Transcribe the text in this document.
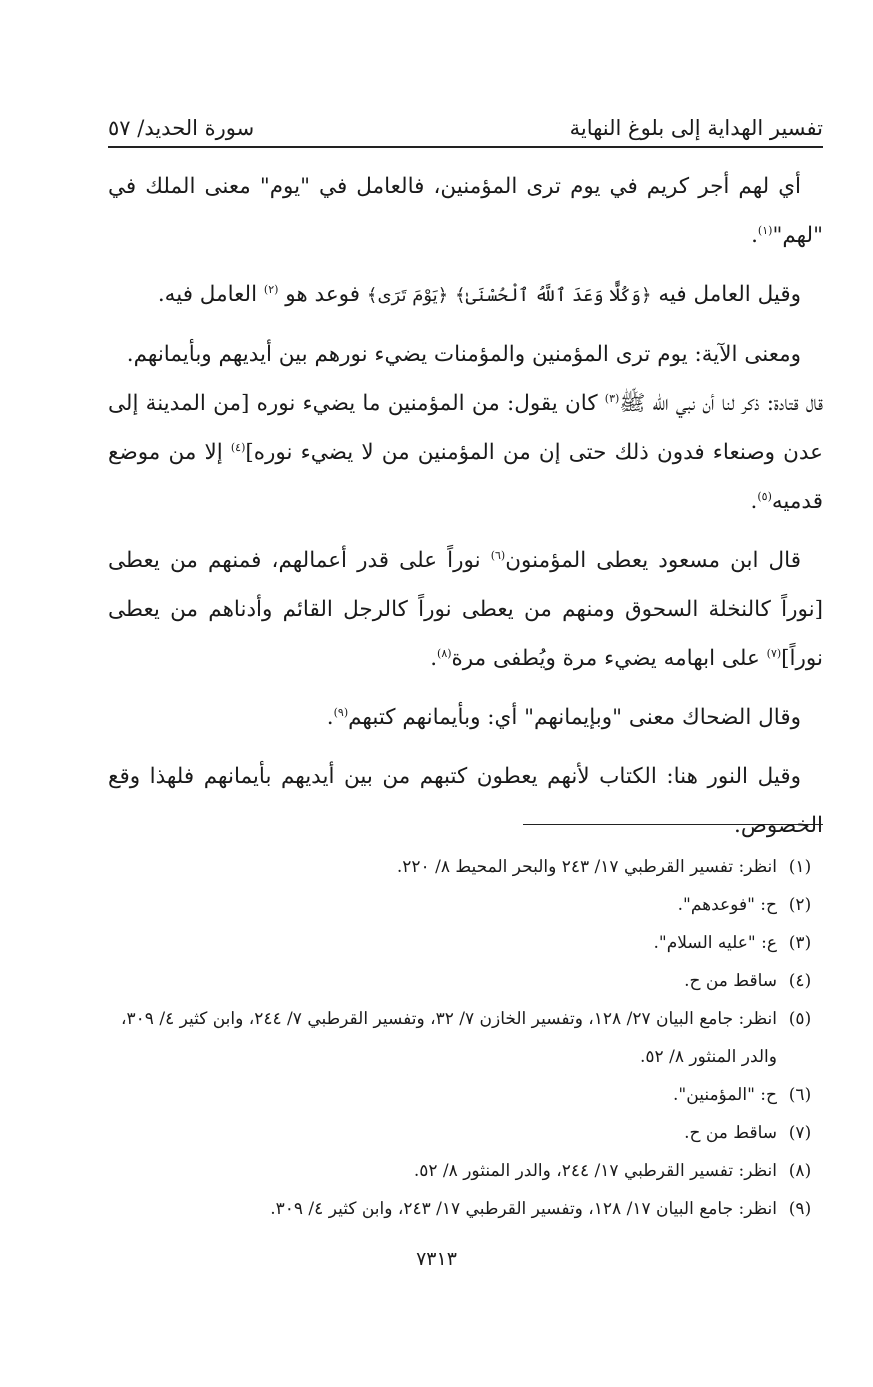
تفسير الهداية إلى بلوغ النهاية
سورة الحديد/ ٥٧

أي لهم أجر كريم في يوم ترى المؤمنين، فالعامل في "يوم" معنى الملك في "لهم"$^{(١)}$.

وقيل العامل فيه ﴿وَكُلًّا وَعَدَ ٱللَّهُ ٱلْحُسْنَىٰ﴾ ﴿يَوْمَ تَرَى﴾ فوعد هو $^{(٢)}$ العامل فيه.

ومعنى الآية: يوم ترى المؤمنين والمؤمنات يضيء نورهم بين أيديهم وبأيمانهم.

قال قتادة: ذكر لنا أن نبي الله ﷺ$^{(٣)}$ كان يقول: من المؤمنين ما يضيء نوره [من المدينة إلى عدن وصنعاء فدون ذلك حتى إن من المؤمنين من لا يضيء نوره]$^{(٤)}$ إلا من موضع قدميه$^{(٥)}$.

قال ابن مسعود يعطى المؤمنون$^{(٦)}$ نوراً على قدر أعمالهم، فمنهم من يعطى [نوراً كالنخلة السحوق ومنهم من يعطى نوراً كالرجل القائم وأدناهم من يعطى نوراً]$^{(٧)}$ على ابهامه يضيء مرة ويُطفى مرة$^{(٨)}$.

وقال الضحاك معنى "وبإيمانهم" أي: وبأيمانهم كتبهم$^{(٩)}$.

وقيل النور هنا: الكتاب لأنهم يعطون كتبهم من بين أيديهم بأيمانهم فلهذا وقع الخصوص.

(١)
انظر: تفسير القرطبي ١٧/ ٢٤٣ والبحر المحيط ٨/ ٢٢٠.
(٢)
ح: "فوعدهم".
(٣)
ع: "عليه السلام".
(٤)
ساقط من ح.
(٥)
انظر: جامع البيان ٢٧/ ١٢٨، وتفسير الخازن ٧/ ٣٢، وتفسير القرطبي ٧/ ٢٤٤، وابن كثير ٤/ ٣٠٩، والدر المنثور ٨/ ٥٢.
(٦)
ح: "المؤمنين".
(٧)
ساقط من ح.
(٨)
انظر: تفسير القرطبي ١٧/ ٢٤٤، والدر المنثور ٨/ ٥٢.
(٩)
انظر: جامع البيان ١٧/ ١٢٨، وتفسير القرطبي ١٧/ ٢٤٣، وابن كثير ٤/ ٣٠٩.
٧٣١٣
